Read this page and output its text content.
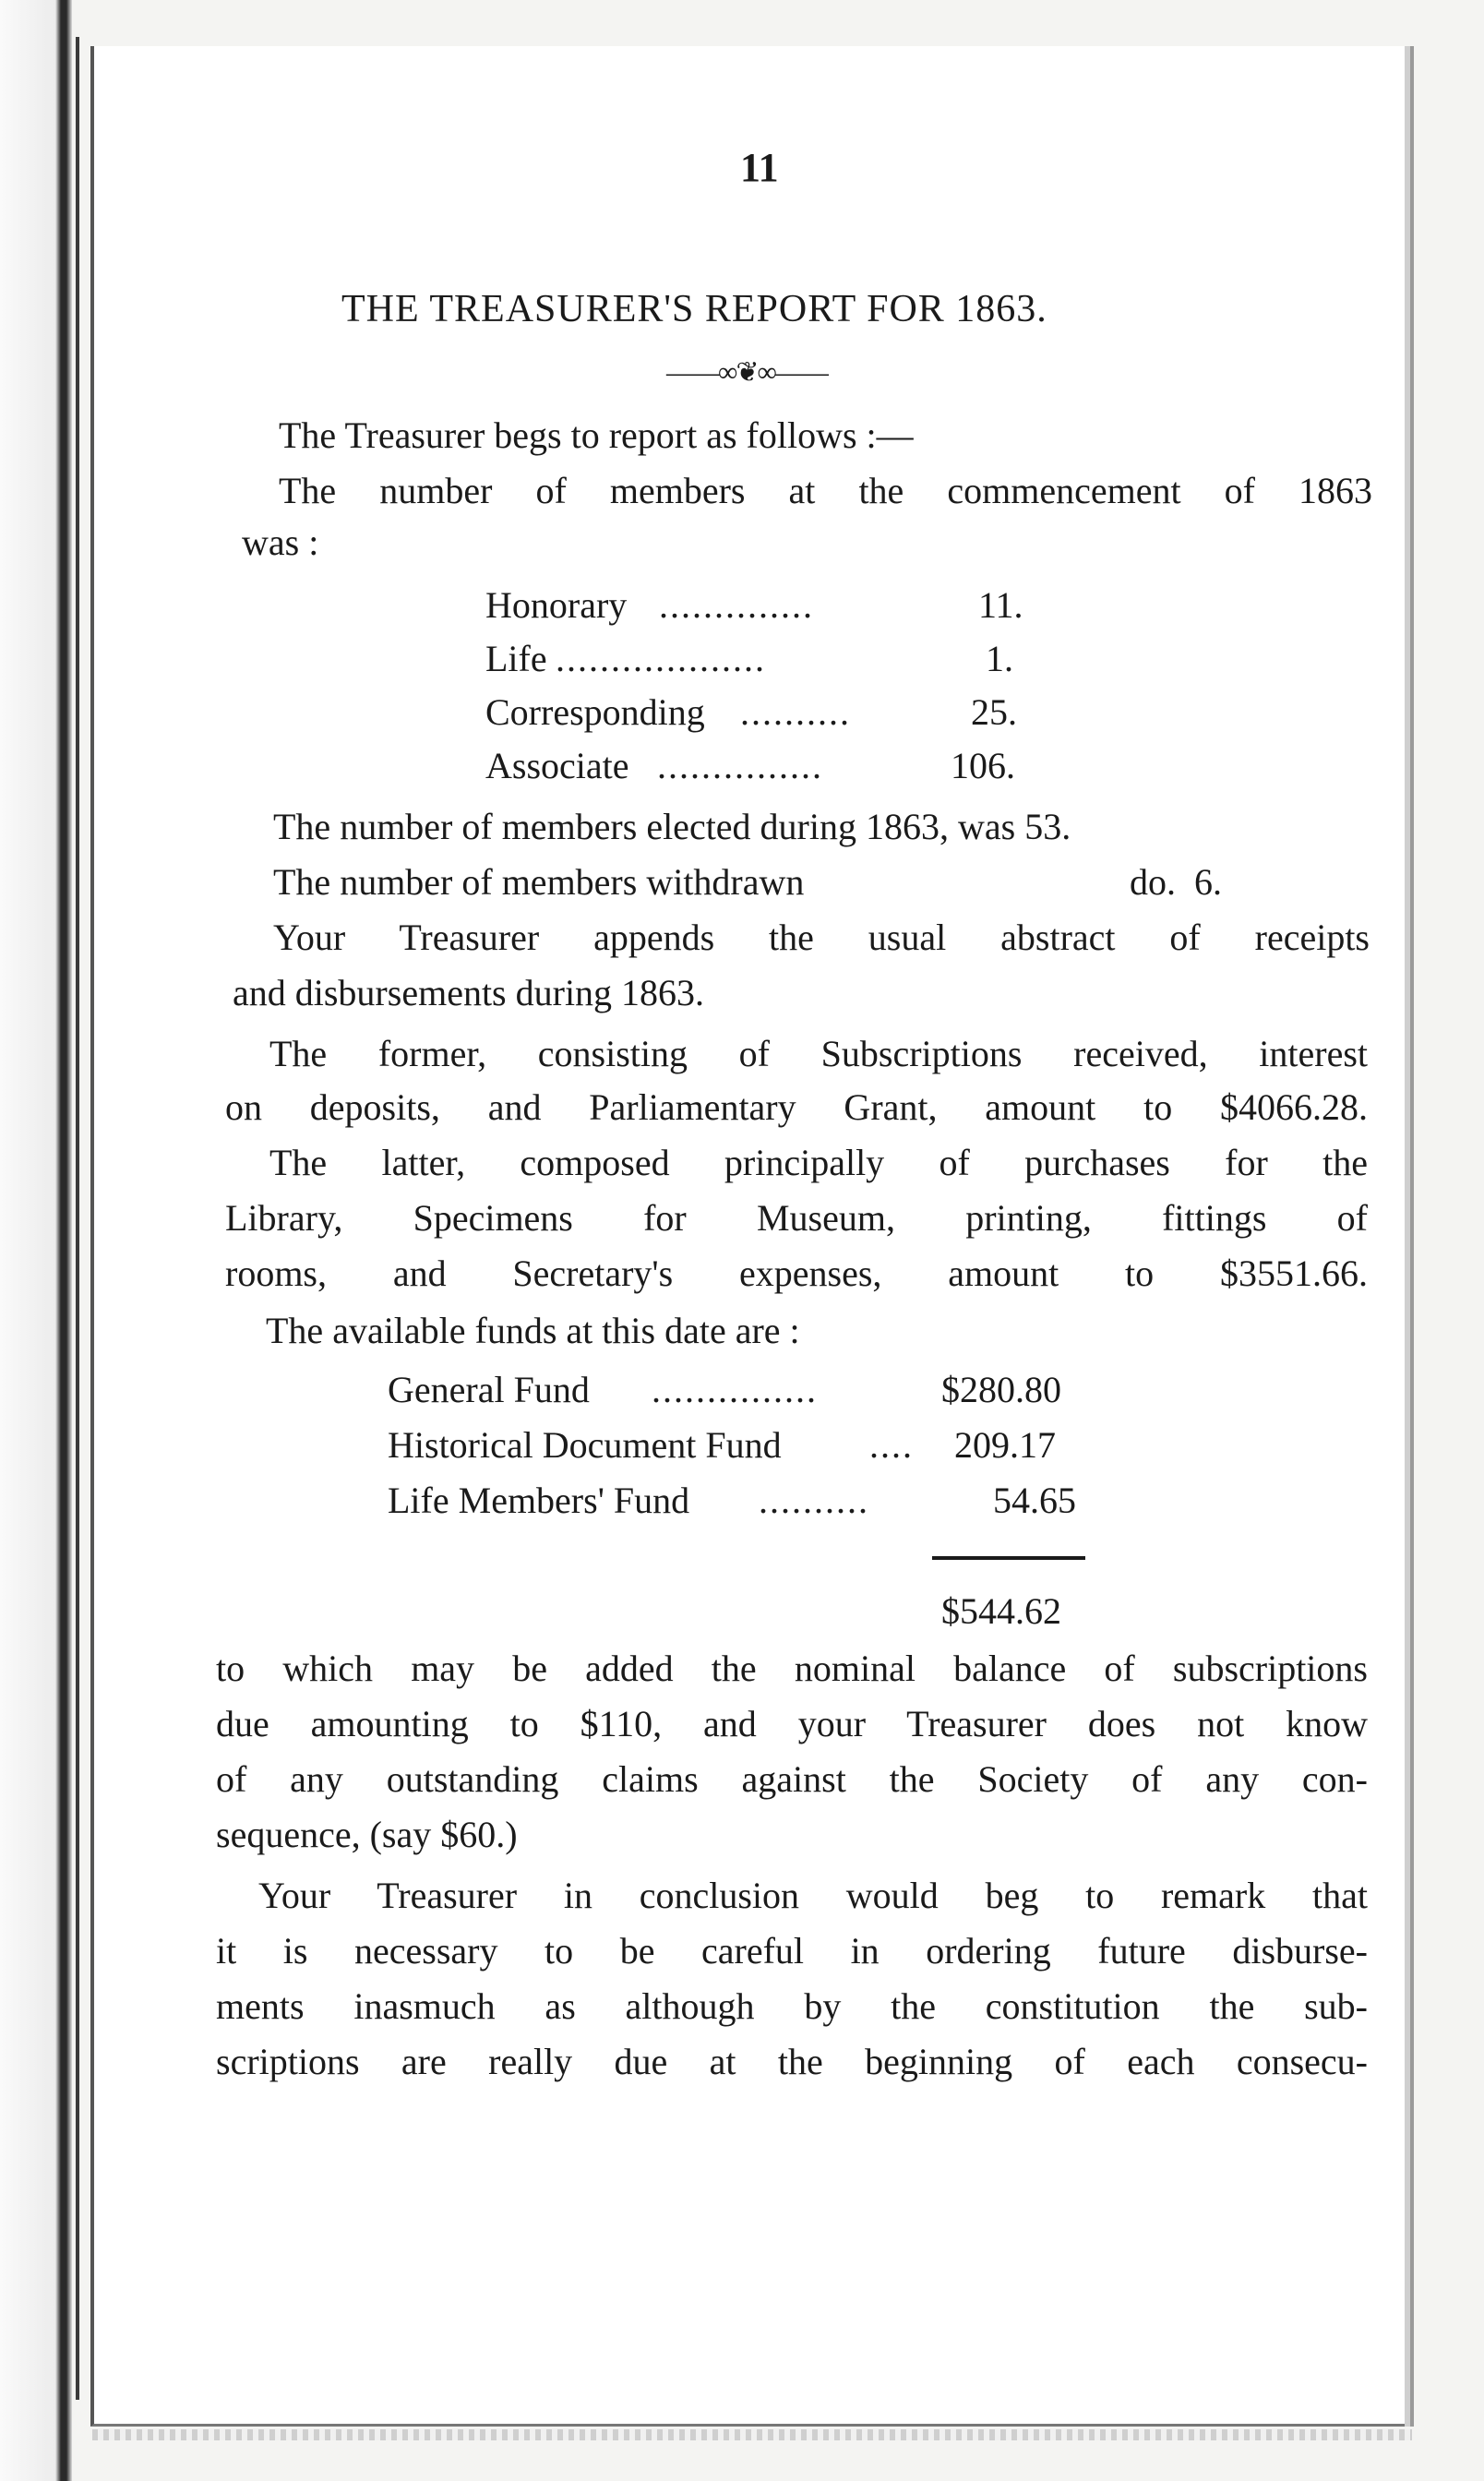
11
THE TREASURER'S REPORT FOR 1863.
——∞❦∞——
The Treasurer begs to report as follows :—
The number of members at the commencement of 1863
was :
Honorary ..............	11.
Life ...................	1.
Corresponding ..........	25.
Associate ...............	106.
The number of members elected during 1863, was 53.
The number of members withdrawn	do.  6.
Your Treasurer appends the usual abstract of receipts
and disbursements during 1863.
The former, consisting of Subscriptions received, interest
on deposits, and Parliamentary Grant, amount to $4066.28.
The latter, composed principally of purchases for the
Library, Specimens for Museum, printing, fittings of
rooms, and Secretary's expenses, amount to $3551.66.
The available funds at this date are :
General Fund ...............	$280.80
Historical Document Fund .... 209.17
Life Members' Fund ..........	54.65
$544.62
to which may be added the nominal balance of subscriptions
due amounting to $110, and your Treasurer does not know
of any outstanding claims against the Society of any con-
sequence, (say $60.)
Your Treasurer in conclusion would beg to remark that
it is necessary to be careful in ordering future disburse-
ments inasmuch as although by the constitution the sub-
scriptions are really due at the beginning of each consecu-
